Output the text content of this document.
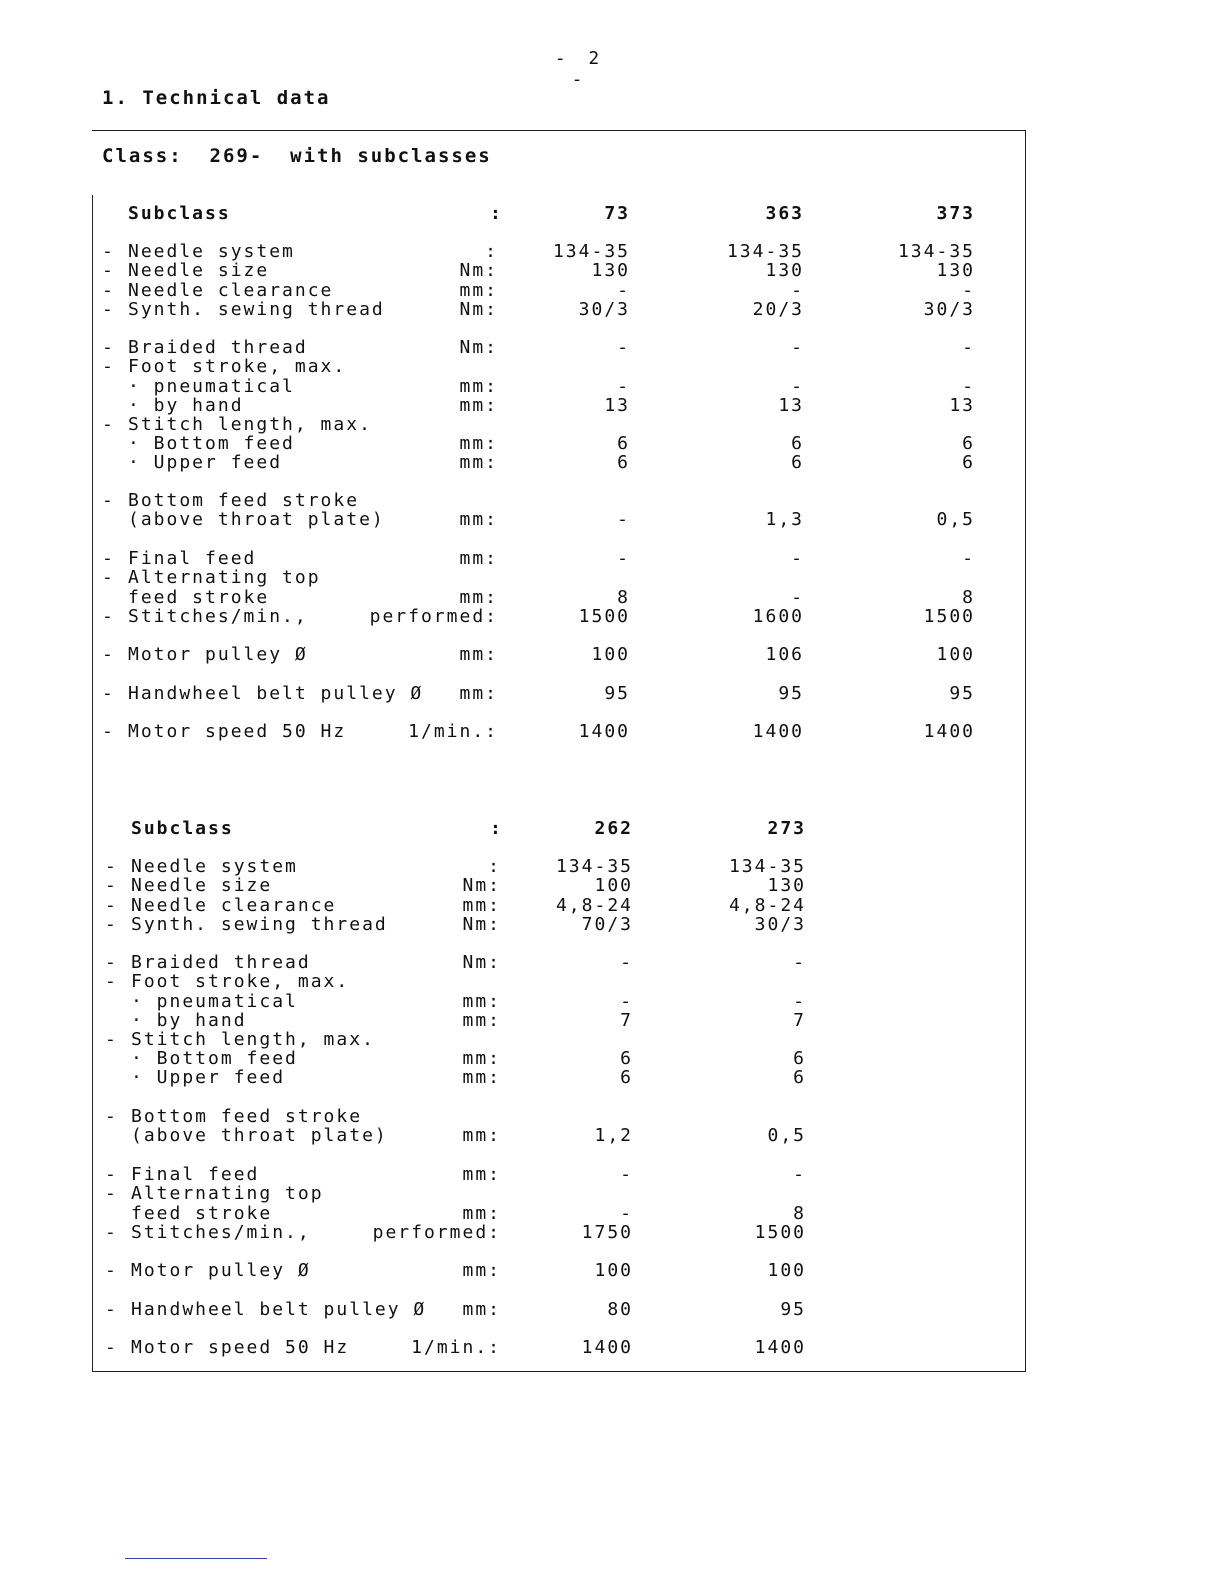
- 2 -
1. Technical data
Class:  269-  with subclasses
Subclass	:	73	363	373
- Needle system	:	134-35	134-35	134-35
- Needle size	Nm:	130	130	130
- Needle clearance	mm:	-	-	-
- Synth. sewing thread	Nm:	30/3	20/3	30/3
- Braided thread	Nm:	-	-	-
- Foot stroke, max.
· pneumatical	mm:	-	-	-
· by hand	mm:	13	13	13
- Stitch length, max.
· Bottom feed	mm:	6	6	6
· Upper feed	mm:	6	6	6
- Bottom feed stroke
(above throat plate)	mm:	-	1,3	0,5
- Final feed	mm:	-	-	-
- Alternating top
feed stroke	mm:	8	-	8
- Stitches/min.,	performed:	1500	1600	1500
- Motor pulley Ø	mm:	100	106	100
- Handwheel belt pulley Ø mm:	95	95	95
- Motor speed 50 Hz	1/min.:	1400	1400	1400
Subclass	:	262	273
- Needle system	:	134-35	134-35
- Needle size	Nm:	100	130
- Needle clearance	mm:	4,8-24	4,8-24
- Synth. sewing thread	Nm:	70/3	30/3
- Braided thread	Nm:	-	-
- Foot stroke, max.
· pneumatical	mm:	-	-
· by hand	mm:	7	7
- Stitch length, max.
· Bottom feed	mm:	6	6
· Upper feed	mm:	6	6
- Bottom feed stroke
(above throat plate)	mm:	1,2	0,5
- Final feed	mm:	-	-
- Alternating top
feed stroke	mm:	-	8
- Stitches/min.,	performed:	1750	1500
- Motor pulley Ø	mm:	100	100
- Handwheel belt pulley Ø mm:	80	95
- Motor speed 50 Hz	1/min.:	1400	1400
